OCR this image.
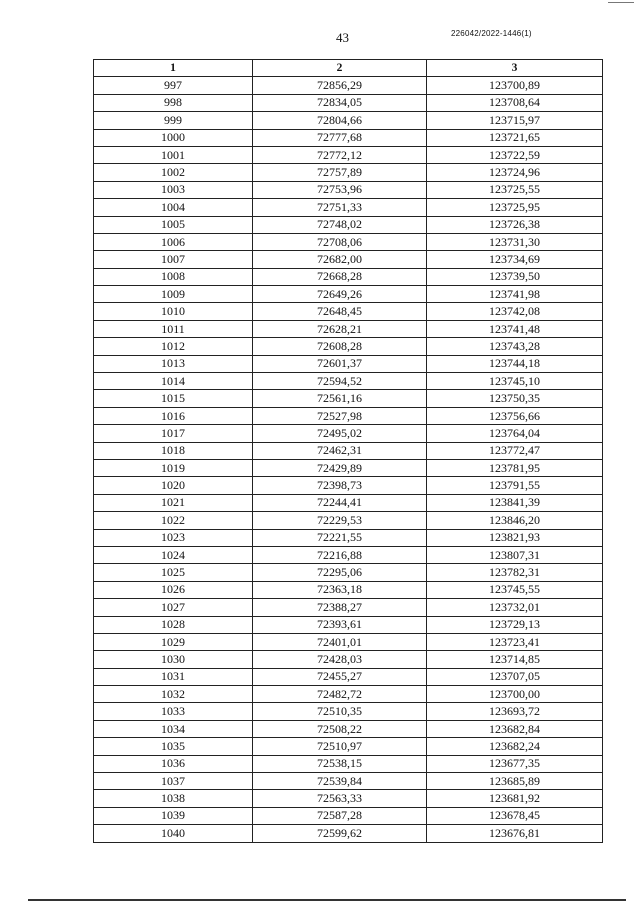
43	226042/2022-1446(1)
1	2	3
997	72856,29	123700,89
998	72834,05	123708,64
999	72804,66	123715,97
1000	72777,68	123721,65
1001	72772,12	123722,59
1002	72757,89	123724,96
1003	72753,96	123725,55
1004	72751,33	123725,95
1005	72748,02	123726,38
1006	72708,06	123731,30
1007	72682,00	123734,69
1008	72668,28	123739,50
1009	72649,26	123741,98
1010	72648,45	123742,08
1011	72628,21	123741,48
1012	72608,28	123743,28
1013	72601,37	123744,18
1014	72594,52	123745,10
1015	72561,16	123750,35
1016	72527,98	123756,66
1017	72495,02	123764,04
1018	72462,31	123772,47
1019	72429,89	123781,95
1020	72398,73	123791,55
1021	72244,41	123841,39
1022	72229,53	123846,20
1023	72221,55	123821,93
1024	72216,88	123807,31
1025	72295,06	123782,31
1026	72363,18	123745,55
1027	72388,27	123732,01
1028	72393,61	123729,13
1029	72401,01	123723,41
1030	72428,03	123714,85
1031	72455,27	123707,05
1032	72482,72	123700,00
1033	72510,35	123693,72
1034	72508,22	123682,84
1035	72510,97	123682,24
1036	72538,15	123677,35
1037	72539,84	123685,89
1038	72563,33	123681,92
1039	72587,28	123678,45
1040	72599,62	123676,81
